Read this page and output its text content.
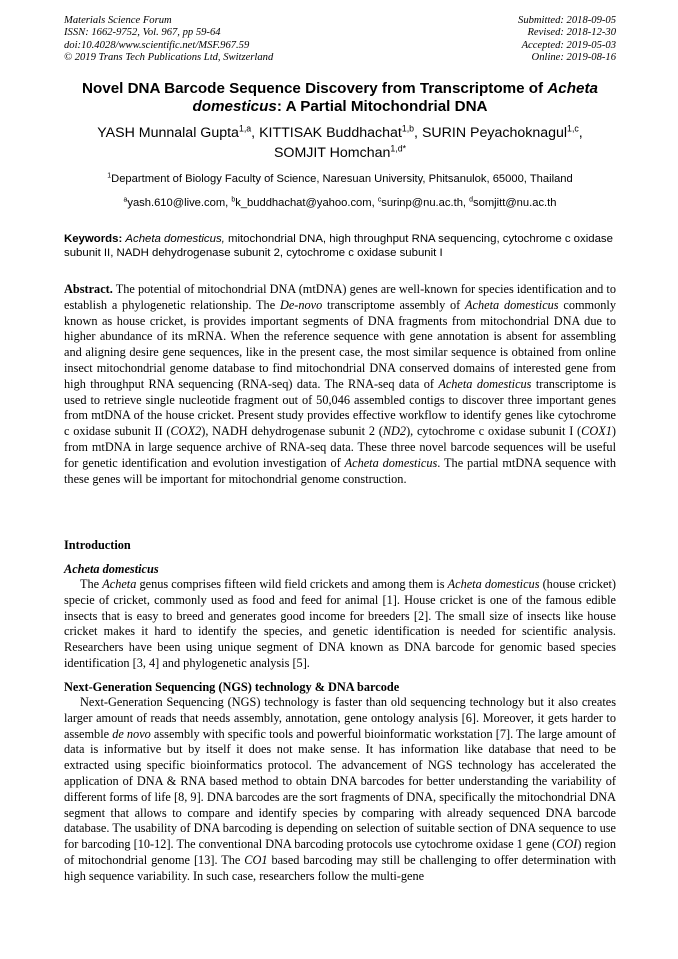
Materials Science Forum
ISSN: 1662-9752, Vol. 967, pp 59-64
doi:10.4028/www.scientific.net/MSF.967.59
© 2019 Trans Tech Publications Ltd, Switzerland
Submitted: 2018-09-05
Revised: 2018-12-30
Accepted: 2019-05-03
Online: 2019-08-16
Novel DNA Barcode Sequence Discovery from Transcriptome of Acheta domesticus: A Partial Mitochondrial DNA
YASH Munnalal Gupta$^{1,a}$, KITTISAK Buddhachat$^{1,b}$, SURIN Peyachoknagul$^{1,c}$,
SOMJIT Homchan$^{1,d*}$
$^1$Department of Biology Faculty of Science, Naresuan University, Phitsanulok, 65000, Thailand
$^a$yash.610@live.com, $^b$k_buddhachat@yahoo.com, $^c$surinp@nu.ac.th, $^d$somjitt@nu.ac.th
Keywords: Acheta domesticus, mitochondrial DNA, high throughput RNA sequencing, cytochrome c oxidase subunit II, NADH dehydrogenase subunit 2, cytochrome c oxidase subunit I

Abstract. The potential of mitochondrial DNA (mtDNA) genes are well-known for species identification and to establish a phylogenetic relationship. The De-novo transcriptome assembly of Acheta domesticus commonly known as house cricket, is provides important segments of DNA fragments from mitochondrial DNA due to higher abundance of its mRNA. When the reference sequence with gene annotation is absent for assembling and aligning desire gene sequences, like in the present case, the most similar sequence is obtained from online insect mitochondrial genome database to find mitochondrial DNA conserved domains of interested gene from high throughput RNA sequencing (RNA-seq) data. The RNA-seq data of Acheta domesticus transcriptome is used to retrieve single nucleotide fragment out of 50,046 assembled contigs to discover three important genes from mtDNA of the house cricket. Present study provides effective workflow to identify genes like cytochrome c oxidase subunit II (COX2), NADH dehydrogenase subunit 2 (ND2), cytochrome c oxidase subunit I (COX1) from mtDNA in large sequence archive of RNA-seq data. These three novel barcode sequences will be useful for genetic identification and evolution investigation of Acheta domesticus. The partial mtDNA sequence with these genes will be important for mitochondrial genome construction.

Introduction
Acheta domesticus

The Acheta genus comprises fifteen wild field crickets and among them is Acheta domesticus (house cricket) specie of cricket, commonly used as food and feed for animal [1]. House cricket is one of the famous edible insects that is easy to breed and generates good income for breeders [2]. The small size of insects like house cricket makes it hard to identify the species, and genetic identification is needed for scientific analysis. Researchers have been using unique segment of DNA known as DNA barcode for genomic based species identification [3, 4] and phylogenetic analysis [5].

Next-Generation Sequencing (NGS) technology & DNA barcode

Next-Generation Sequencing (NGS) technology is faster than old sequencing technology but it also creates larger amount of reads that needs assembly, annotation, gene ontology analysis [6]. Moreover, it gets harder to assemble de novo assembly with specific tools and powerful bioinformatic workstation [7]. The large amount of data is informative but by itself it does not make sense. It has information like database that need to be extracted using specific bioinformatics protocol. The advancement of NGS technology has accelerated the application of DNA & RNA based method to obtain DNA barcodes for better understanding the variability of different forms of life [8, 9]. DNA barcodes are the sort fragments of DNA, specifically the mitochondrial DNA segment that allows to compare and identify species by comparing with already sequenced DNA barcode database. The usability of DNA barcoding is depending on selection of suitable section of DNA sequence to use for barcoding [10-12]. The conventional DNA barcoding protocols use cytochrome oxidase 1 gene (COI) region of mitochondrial genome [13]. The CO1 based barcoding may still be challenging to offer determination with high sequence variability. In such case, researchers follow the multi-gene
